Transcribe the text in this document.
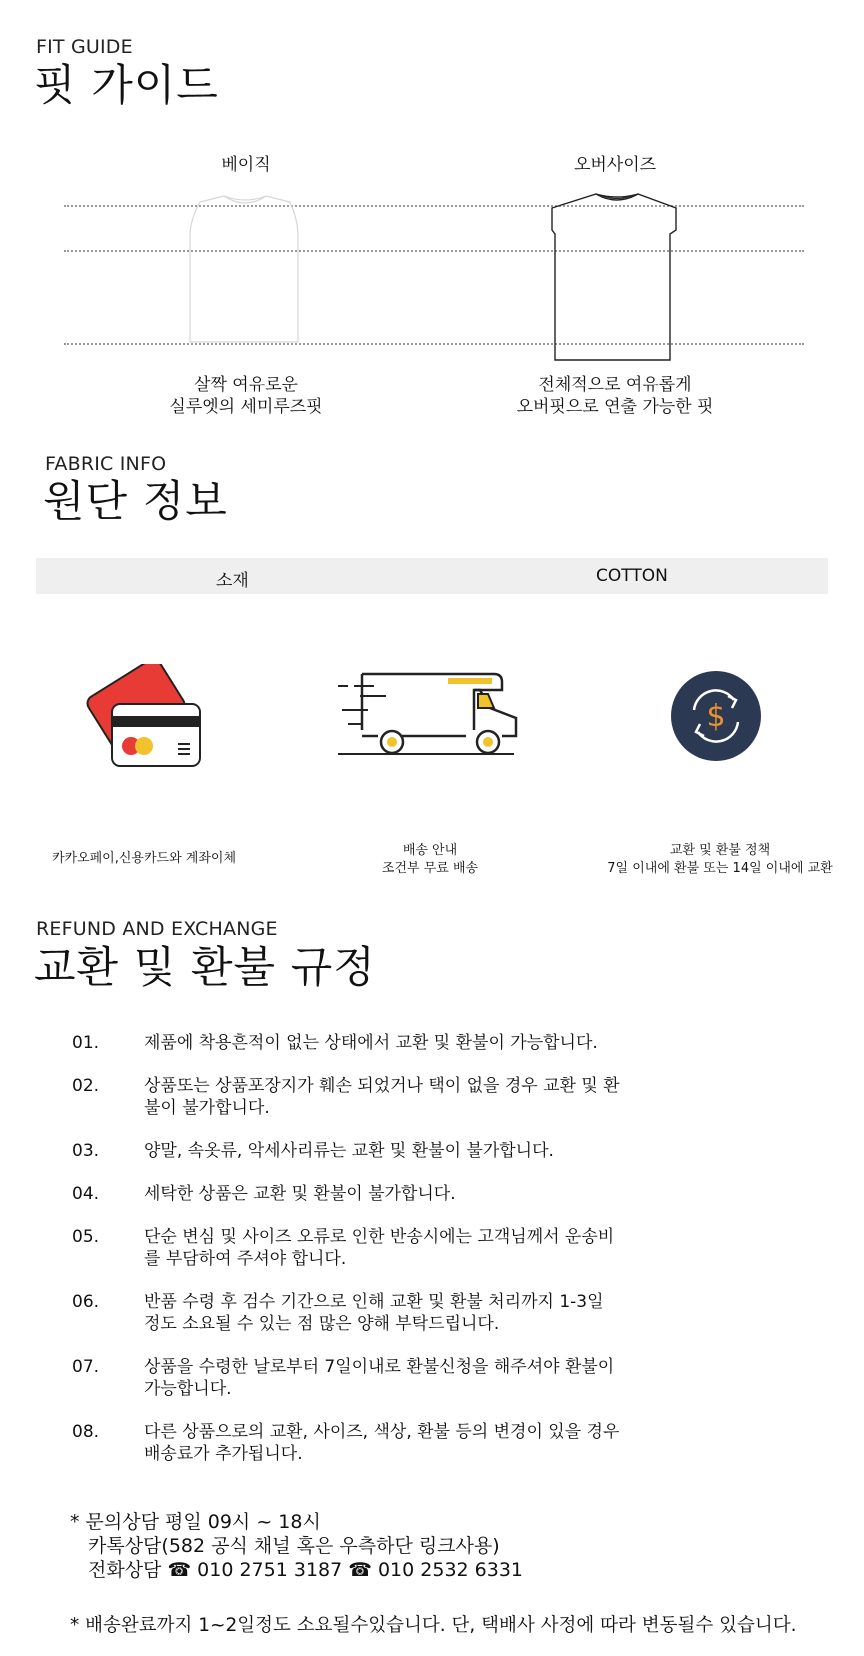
FIT GUIDE
핏 가이드
베이직	오버사이즈
살짝 여유로운
실루엣의 세미루즈핏
전체적으로 여유롭게
오버핏으로 연출 가능한 핏
FABRIC INFO
원단 정보
소재	COTTON
$
카카오페이,신용카드와 계좌이체
배송 안내
조건부 무료 배송
교환 및 환불 정책
7일 이내에 환불 또는 14일 이내에 교환
REFUND AND EXCHANGE
교환 및 환불 규정
01.	제품에 착용흔적이 없는 상태에서 교환 및 환불이 가능합니다.
02.	상품또는 상품포장지가 훼손 되었거나 택이 없을 경우 교환 및 환불이 불가합니다.
03.	양말, 속옷류, 악세사리류는 교환 및 환불이 불가합니다.
04.	세탁한 상품은 교환 및 환불이 불가합니다.
05.	단순 변심 및 사이즈 오류로 인한 반송시에는 고객님께서 운송비를 부담하여 주셔야 합니다.
06.	반품 수령 후 검수 기간으로 인해 교환 및 환불 처리까지 1-3일 정도 소요될 수 있는 점 많은 양해 부탁드립니다.
07.	상품을 수령한 날로부터 7일이내로 환불신청을 해주셔야 환불이 가능합니다.
08.	다른 상품으로의 교환, 사이즈, 색상, 환불 등의 변경이 있을 경우 배송료가 추가됩니다.
* 문의상담 평일 09시 ~ 18시
카톡상담(582 공식 채널 혹은 우측하단 링크사용)
전화상담 ☎ 010 2751 3187 ☎ 010 2532 6331
* 배송완료까지 1~2일정도 소요될수있습니다. 단, 택배사 사정에 따라 변동될수 있습니다.
